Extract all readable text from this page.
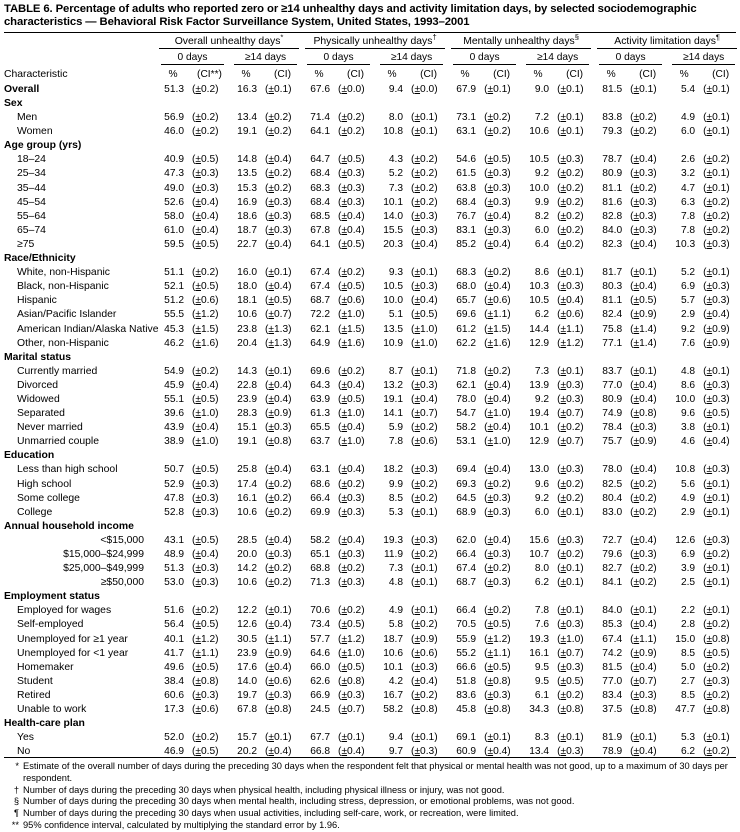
TABLE 6. Percentage of adults who reported zero or ≥14 unhealthy days and activity limitation days, by selected sociodemographic characteristics — Behavioral Risk Factor Surveillance System, United States, 1993–2001

	Overall unhealthy days*				Physically unhealthy days†				Mentally unhealthy days§				Activity limitation days¶

	0 days		≥14 days		0 days		≥14 days		0 days		≥14 days		0 days		≥14 days	

Characteristic	%	(CI**)	%	(CI)	%	(CI)	%	(CI)	%	(CI)	%	(CI)	%	(CI)	%	(CI)
Overall	51.3	(±0.2)	16.3	(±0.1)	67.6	(±0.0)	9.4	(±0.0)	67.9	(±0.1)	9.0	(±0.1)	81.5	(±0.1)	5.4	(±0.1)
Sex																
Men	56.9	(±0.2)	13.4	(±0.2)	71.4	(±0.2)	8.0	(±0.1)	73.1	(±0.2)	7.2	(±0.1)	83.8	(±0.2)	4.9	(±0.1)
Women	46.0	(±0.2)	19.1	(±0.2)	64.1	(±0.2)	10.8	(±0.1)	63.1	(±0.2)	10.6	(±0.1)	79.3	(±0.2)	6.0	(±0.1)
Age group (yrs)																
18–24	40.9	(±0.5)	14.8	(±0.4)	64.7	(±0.5)	4.3	(±0.2)	54.6	(±0.5)	10.5	(±0.3)	78.7	(±0.4)	2.6	(±0.2)
25–34	47.3	(±0.3)	13.5	(±0.2)	68.4	(±0.3)	5.2	(±0.2)	61.5	(±0.3)	9.2	(±0.2)	80.9	(±0.3)	3.2	(±0.1)
35–44	49.0	(±0.3)	15.3	(±0.2)	68.3	(±0.3)	7.3	(±0.2)	63.8	(±0.3)	10.0	(±0.2)	81.1	(±0.2)	4.7	(±0.1)
45–54	52.6	(±0.4)	16.9	(±0.3)	68.4	(±0.3)	10.1	(±0.2)	68.4	(±0.3)	9.9	(±0.2)	81.6	(±0.3)	6.3	(±0.2)
55–64	58.0	(±0.4)	18.6	(±0.3)	68.5	(±0.4)	14.0	(±0.3)	76.7	(±0.4)	8.2	(±0.2)	82.8	(±0.3)	7.8	(±0.2)
65–74	61.0	(±0.4)	18.7	(±0.3)	67.8	(±0.4)	15.5	(±0.3)	83.1	(±0.3)	6.0	(±0.2)	84.0	(±0.3)	7.8	(±0.2)
≥75	59.5	(±0.5)	22.7	(±0.4)	64.1	(±0.5)	20.3	(±0.4)	85.2	(±0.4)	6.4	(±0.2)	82.3	(±0.4)	10.3	(±0.3)
Race/Ethnicity																
White, non-Hispanic	51.1	(±0.2)	16.0	(±0.1)	67.4	(±0.2)	9.3	(±0.1)	68.3	(±0.2)	8.6	(±0.1)	81.7	(±0.1)	5.2	(±0.1)
Black, non-Hispanic	52.1	(±0.5)	18.0	(±0.4)	67.4	(±0.5)	10.5	(±0.3)	68.0	(±0.4)	10.3	(±0.3)	80.3	(±0.4)	6.9	(±0.3)
Hispanic	51.2	(±0.6)	18.1	(±0.5)	68.7	(±0.6)	10.0	(±0.4)	65.7	(±0.6)	10.5	(±0.4)	81.1	(±0.5)	5.7	(±0.3)
Asian/Pacific Islander	55.5	(±1.2)	10.6	(±0.7)	72.2	(±1.0)	5.1	(±0.5)	69.6	(±1.1)	6.2	(±0.6)	82.4	(±0.9)	2.9	(±0.4)
American Indian/Alaska Native	45.3	(±1.5)	23.8	(±1.3)	62.1	(±1.5)	13.5	(±1.0)	61.2	(±1.5)	14.4	(±1.1)	75.8	(±1.4)	9.2	(±0.9)
Other, non-Hispanic	46.2	(±1.6)	20.4	(±1.3)	64.9	(±1.6)	10.9	(±1.0)	62.2	(±1.6)	12.9	(±1.2)	77.1	(±1.4)	7.6	(±0.9)
Marital status																
Currently married	54.9	(±0.2)	14.3	(±0.1)	69.6	(±0.2)	8.7	(±0.1)	71.8	(±0.2)	7.3	(±0.1)	83.7	(±0.1)	4.8	(±0.1)
Divorced	45.9	(±0.4)	22.8	(±0.4)	64.3	(±0.4)	13.2	(±0.3)	62.1	(±0.4)	13.9	(±0.3)	77.0	(±0.4)	8.6	(±0.3)
Widowed	55.1	(±0.5)	23.9	(±0.4)	63.9	(±0.5)	19.1	(±0.4)	78.0	(±0.4)	9.2	(±0.3)	80.9	(±0.4)	10.0	(±0.3)
Separated	39.6	(±1.0)	28.3	(±0.9)	61.3	(±1.0)	14.1	(±0.7)	54.7	(±1.0)	19.4	(±0.7)	74.9	(±0.8)	9.6	(±0.5)
Never married	43.9	(±0.4)	15.1	(±0.3)	65.5	(±0.4)	5.9	(±0.2)	58.2	(±0.4)	10.1	(±0.2)	78.4	(±0.3)	3.8	(±0.1)
Unmarried couple	38.9	(±1.0)	19.1	(±0.8)	63.7	(±1.0)	7.8	(±0.6)	53.1	(±1.0)	12.9	(±0.7)	75.7	(±0.9)	4.6	(±0.4)
Education																
Less than high school	50.7	(±0.5)	25.8	(±0.4)	63.1	(±0.4)	18.2	(±0.3)	69.4	(±0.4)	13.0	(±0.3)	78.0	(±0.4)	10.8	(±0.3)
High school	52.9	(±0.3)	17.4	(±0.2)	68.6	(±0.2)	9.9	(±0.2)	69.3	(±0.2)	9.6	(±0.2)	82.5	(±0.2)	5.6	(±0.1)
Some college	47.8	(±0.3)	16.1	(±0.2)	66.4	(±0.3)	8.5	(±0.2)	64.5	(±0.3)	9.2	(±0.2)	80.4	(±0.2)	4.9	(±0.1)
College	52.8	(±0.3)	10.6	(±0.2)	69.9	(±0.3)	5.3	(±0.1)	68.9	(±0.3)	6.0	(±0.1)	83.0	(±0.2)	2.9	(±0.1)
Annual household income																
<$15,000	43.1	(±0.5)	28.5	(±0.4)	58.2	(±0.4)	19.3	(±0.3)	62.0	(±0.4)	15.6	(±0.3)	72.7	(±0.4)	12.6	(±0.3)
$15,000–$24,999	48.9	(±0.4)	20.0	(±0.3)	65.1	(±0.3)	11.9	(±0.2)	66.4	(±0.3)	10.7	(±0.2)	79.6	(±0.3)	6.9	(±0.2)
$25,000–$49,999	51.3	(±0.3)	14.2	(±0.2)	68.8	(±0.2)	7.3	(±0.1)	67.4	(±0.2)	8.0	(±0.1)	82.7	(±0.2)	3.9	(±0.1)
≥$50,000	53.0	(±0.3)	10.6	(±0.2)	71.3	(±0.3)	4.8	(±0.1)	68.7	(±0.3)	6.2	(±0.1)	84.1	(±0.2)	2.5	(±0.1)
Employment status																
Employed for wages	51.6	(±0.2)	12.2	(±0.1)	70.6	(±0.2)	4.9	(±0.1)	66.4	(±0.2)	7.8	(±0.1)	84.0	(±0.1)	2.2	(±0.1)
Self-employed	56.4	(±0.5)	12.6	(±0.4)	73.4	(±0.5)	5.8	(±0.2)	70.5	(±0.5)	7.6	(±0.3)	85.3	(±0.4)	2.8	(±0.2)
Unemployed for ≥1 year	40.1	(±1.2)	30.5	(±1.1)	57.7	(±1.2)	18.7	(±0.9)	55.9	(±1.2)	19.3	(±1.0)	67.4	(±1.1)	15.0	(±0.8)
Unemployed for <1 year	41.7	(±1.1)	23.9	(±0.9)	64.6	(±1.0)	10.6	(±0.6)	55.2	(±1.1)	16.1	(±0.7)	74.2	(±0.9)	8.5	(±0.5)
Homemaker	49.6	(±0.5)	17.6	(±0.4)	66.0	(±0.5)	10.1	(±0.3)	66.6	(±0.5)	9.5	(±0.3)	81.5	(±0.4)	5.0	(±0.2)
Student	38.4	(±0.8)	14.0	(±0.6)	62.6	(±0.8)	4.2	(±0.4)	51.8	(±0.8)	9.5	(±0.5)	77.0	(±0.7)	2.7	(±0.3)
Retired	60.6	(±0.3)	19.7	(±0.3)	66.9	(±0.3)	16.7	(±0.2)	83.6	(±0.3)	6.1	(±0.2)	83.4	(±0.3)	8.5	(±0.2)
Unable to work	17.3	(±0.6)	67.8	(±0.8)	24.5	(±0.7)	58.2	(±0.8)	45.8	(±0.8)	34.3	(±0.8)	37.5	(±0.8)	47.7	(±0.8)
Health-care plan																
Yes	52.0	(±0.2)	15.7	(±0.1)	67.7	(±0.1)	9.4	(±0.1)	69.1	(±0.1)	8.3	(±0.1)	81.9	(±0.1)	5.3	(±0.1)
No	46.9	(±0.5)	20.2	(±0.4)	66.8	(±0.4)	9.7	(±0.3)	60.9	(±0.4)	13.4	(±0.3)	78.9	(±0.4)	6.2	(±0.2)
* Estimate of the overall number of days during the preceding 30 days when the respondent felt that physical or mental health was not good, up to a maximum of 30 days per respondent.
† Number of days during the preceding 30 days when physical health, including physical illness or injury, was not good.
§ Number of days during the preceding 30 days when mental health, including stress, depression, or emotional problems, was not good.
¶ Number of days during the preceding 30 days when usual activities, including self-care, work, or recreation, were limited.
** 95% confidence interval, calculated by multiplying the standard error by 1.96.
